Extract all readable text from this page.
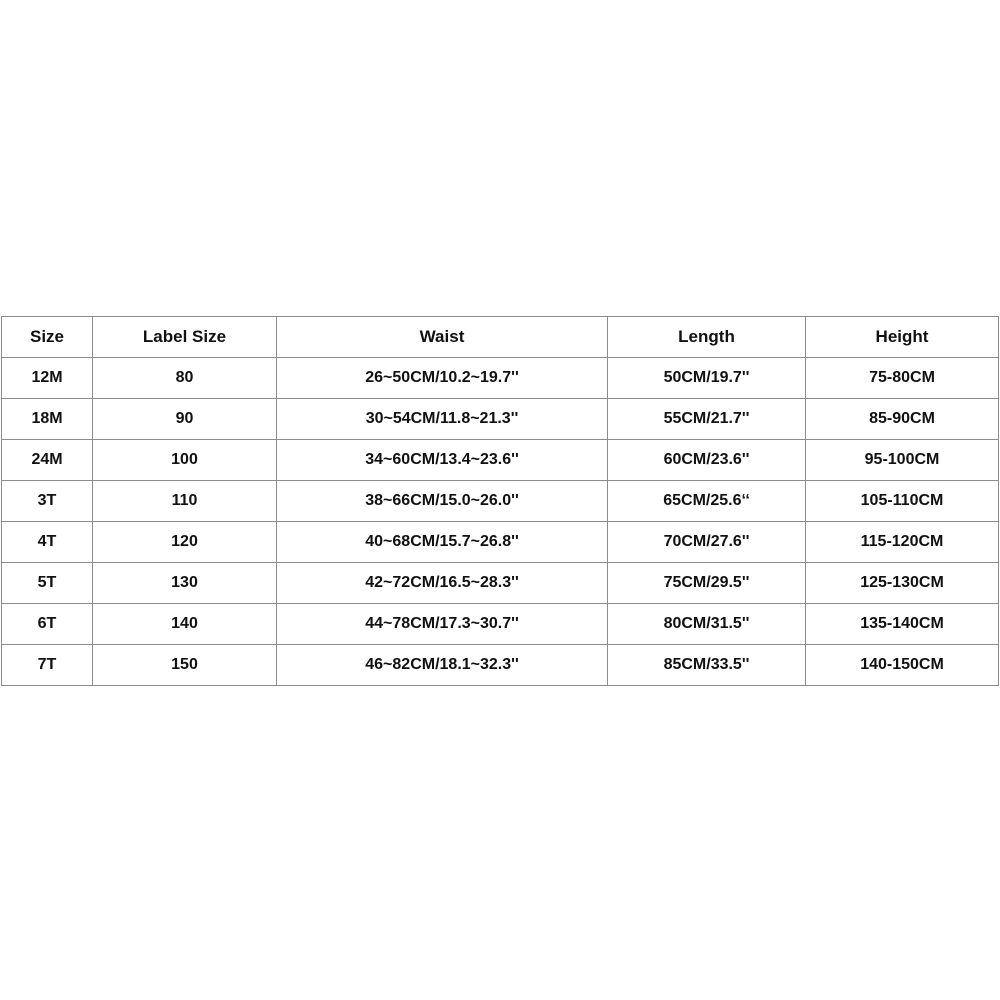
Size	Label Size	Waist	Length	Height
12M	80	26~50CM/10.2~19.7''	50CM/19.7''	75-80CM
18M	90	30~54CM/11.8~21.3''	55CM/21.7''	85-90CM
24M	100	34~60CM/13.4~23.6''	60CM/23.6''	95-100CM
3T	110	38~66CM/15.0~26.0''	65CM/25.6‘‘	105-110CM
4T	120	40~68CM/15.7~26.8''	70CM/27.6''	115-120CM
5T	130	42~72CM/16.5~28.3''	75CM/29.5''	125-130CM
6T	140	44~78CM/17.3~30.7''	80CM/31.5''	135-140CM
7T	150	46~82CM/18.1~32.3''	85CM/33.5''	140-150CM
